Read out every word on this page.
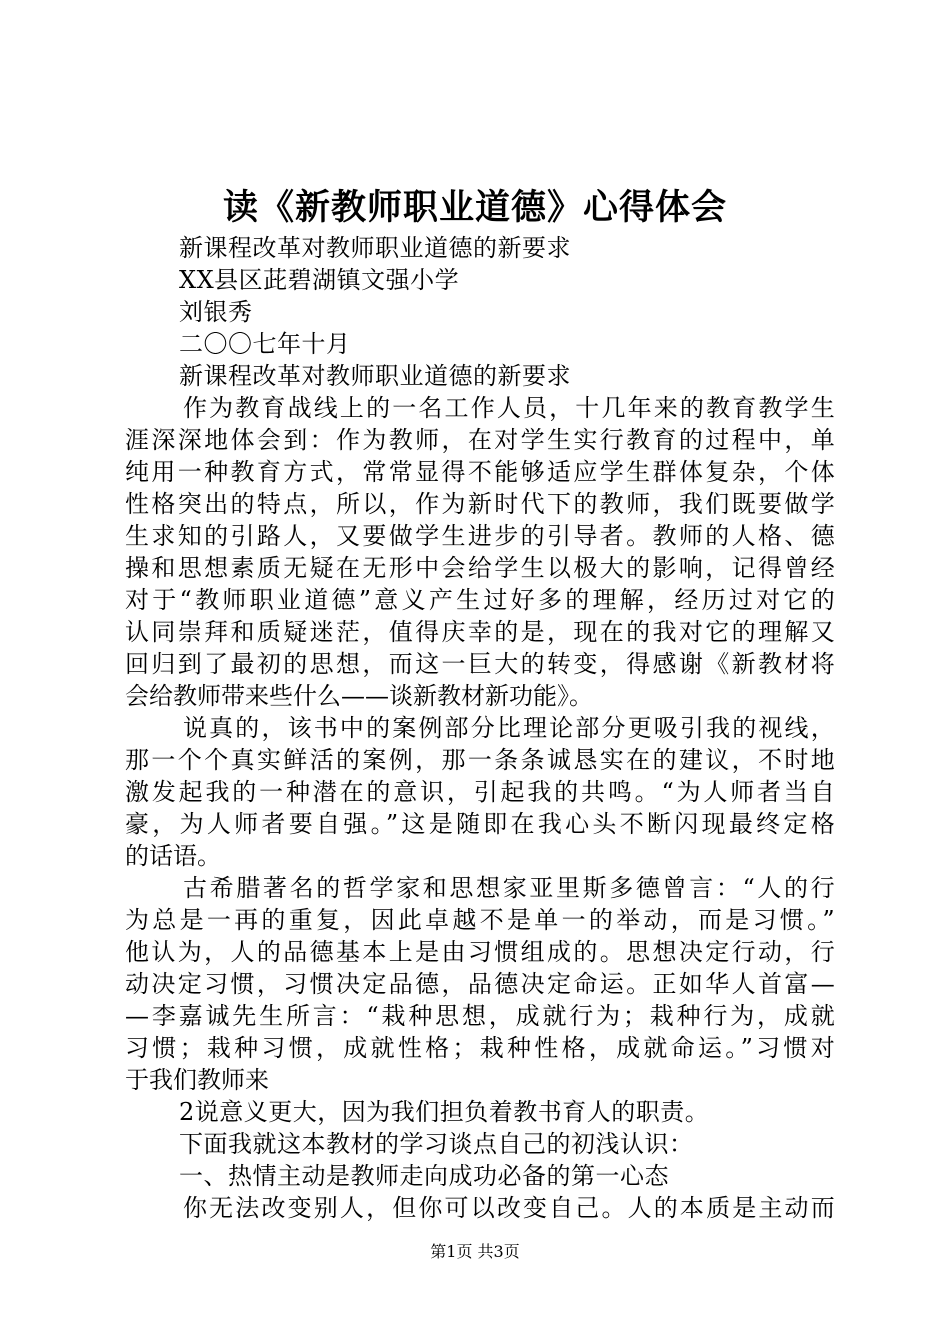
读《新教师职业道德》心得体会
新课程改革对教师职业道德的新要求
XX县区茈碧湖镇文强小学
刘银秀
二〇〇七年十月
新课程改革对教师职业道德的新要求
作为教育战线上的一名工作人员，十几年来的教育教学生
涯深深地体会到：作为教师，在对学生实行教育的过程中，单
纯用一种教育方式，常常显得不能够适应学生群体复杂，个体
性格突出的特点，所以，作为新时代下的教师，我们既要做学
生求知的引路人，又要做学生进步的引导者。教师的人格、德
操和思想素质无疑在无形中会给学生以极大的影响，记得曾经
对于“教师职业道德”意义产生过好多的理解，经历过对它的
认同崇拜和质疑迷茫，值得庆幸的是，现在的我对它的理解又
回归到了最初的思想，而这一巨大的转变，得感谢《新教材将
会给教师带来些什么——谈新教材新功能》。
说真的，该书中的案例部分比理论部分更吸引我的视线，
那一个个真实鲜活的案例，那一条条诚恳实在的建议，不时地
激发起我的一种潜在的意识，引起我的共鸣。“为人师者当自
豪，为人师者要自强。”这是随即在我心头不断闪现最终定格
的话语。
古希腊著名的哲学家和思想家亚里斯多德曾言：“人的行
为总是一再的重复，因此卓越不是单一的举动，而是习惯。”
他认为，人的品德基本上是由习惯组成的。思想决定行动，行
动决定习惯，习惯决定品德，品德决定命运。正如华人首富—
—李嘉诚先生所言：“栽种思想，成就行为；栽种行为，成就
习惯；栽种习惯，成就性格；栽种性格，成就命运。”习惯对
于我们教师来
2说意义更大，因为我们担负着教书育人的职责。
下面我就这本教材的学习谈点自己的初浅认识：
一、热情主动是教师走向成功必备的第一心态
你无法改变别人，但你可以改变自己。人的本质是主动而
第1页 共3页
